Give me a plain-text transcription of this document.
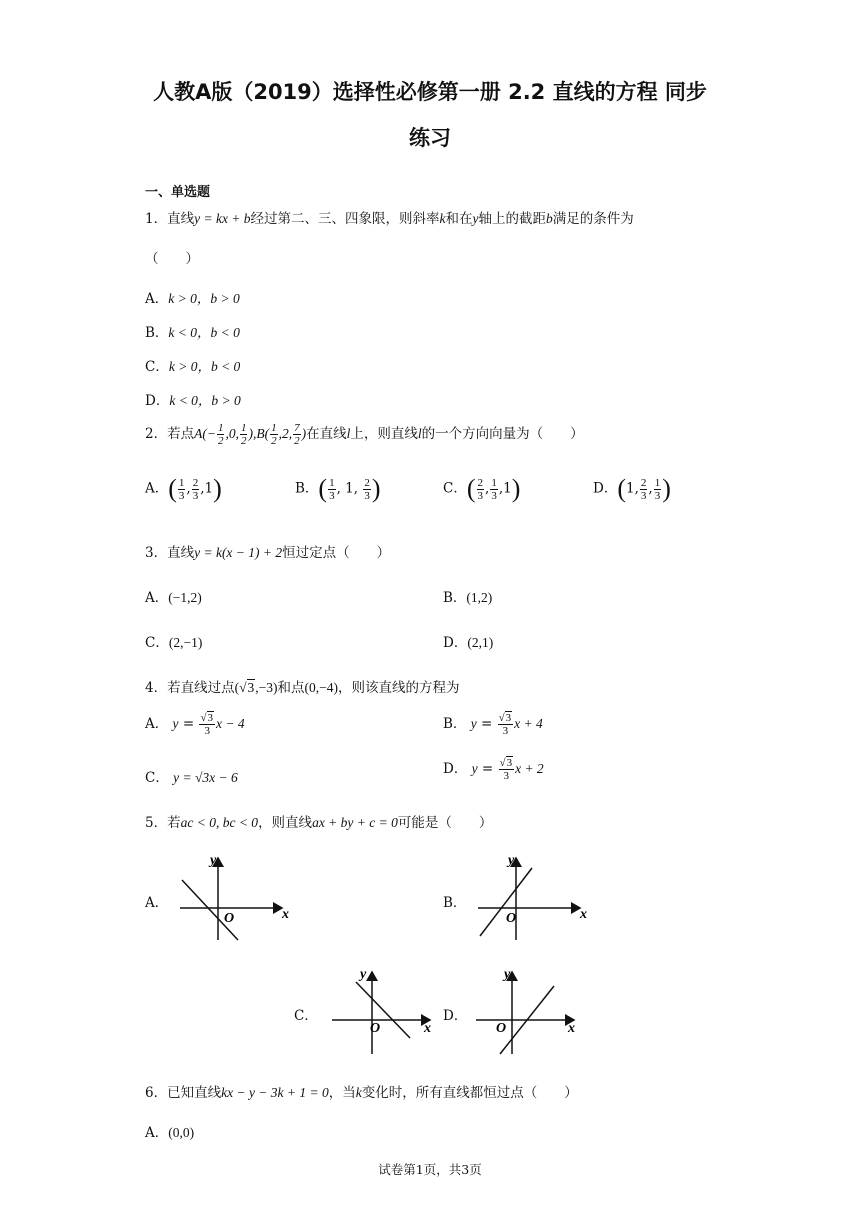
人教A版（2019）选择性必修第一册 2.2 直线的方程 同步
练习
一、单选题
1．直线y = kx + b经过第二、三、四象限，则斜率k和在y轴上的截距b满足的条件为
（　　）
A．k > 0，b > 0
B．k < 0，b < 0
C．k > 0，b < 0
D．k < 0，b > 0
2．若点$A(- \frac{1}{2} ,0$, $\frac{1}{2} ),B( \frac{1}{2} ,2$, $\frac{7}{2}$ )在直线l上，则直线l的一个方向向量为（　　）
A．( $\frac{1}{3}$ , $\frac{2}{3} ,1$)	B．( $\frac{1}{3}$ , 1, $\frac{2}{3}$ )	C．( $\frac{2}{3}$ , $\frac{1}{3} ,1$)	D．(1, $\frac{2}{3}$ , $\frac{1}{3}$ )
3．直线y = k(x − 1) + 2恒过定点（　　）
A．(−1,2)	B．(1,2)
C．(2,−1)	D．(2,1)
4．若直线过点(√3,−3)和点(0,−4)，则该直线的方程为
A． $y = \frac{√3}{3}$ x − 4	B． $y = \frac{√3}{3}$ x + 4
C． y = √3x − 6
D． $y = \frac{√3}{3}$ x + 2
5．若ac < 0, bc < 0，则直线ax + by + c = 0可能是（　　）
A．
y
x
O
B．
y
x
O
C．
y
x
O
D．
y
x
O
6．已知直线kx − y − 3k + 1 = 0，当k变化时，所有直线都恒过点（　　）
A．(0,0)
试卷第1页，共3页
